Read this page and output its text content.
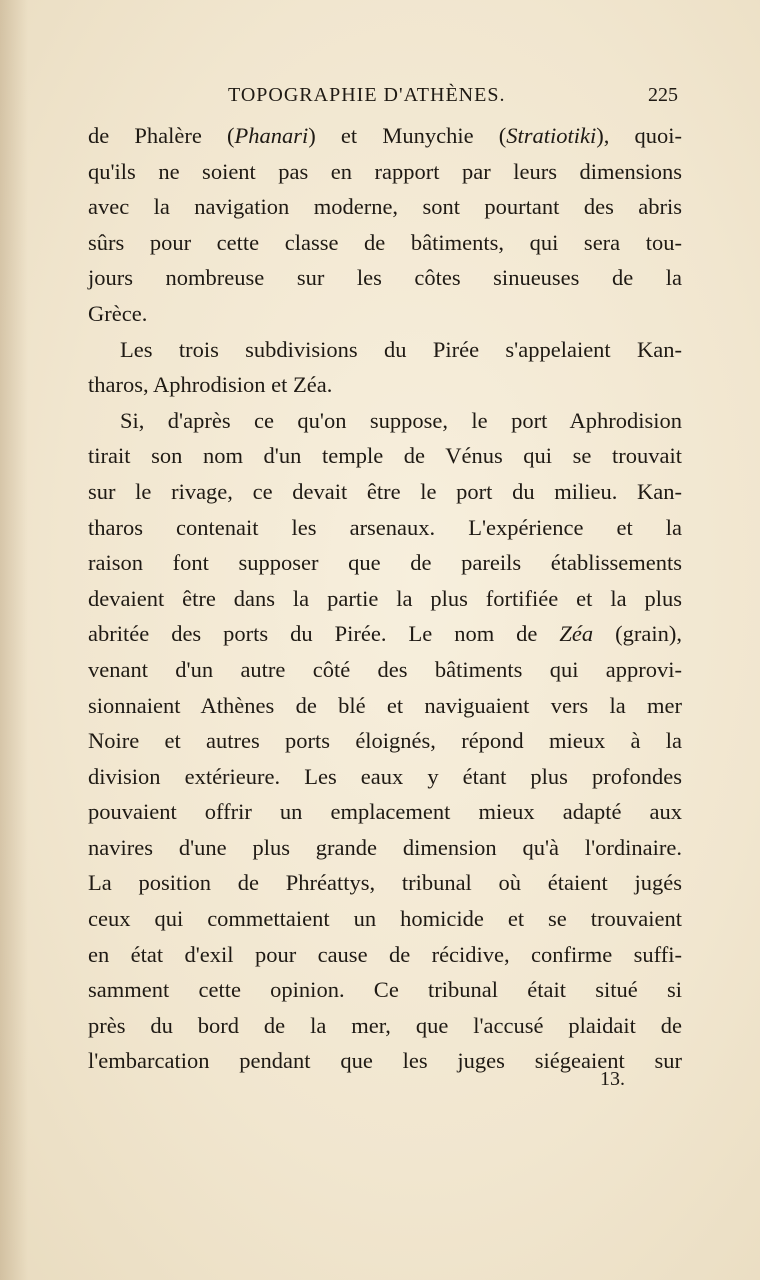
TOPOGRAPHIE D'ATHÈNES.	225
de Phalère (Phanari) et Munychie (Stratiotiki), quoi-
qu'ils ne soient pas en rapport par leurs dimensions
avec la navigation moderne, sont pourtant des abris
sûrs pour cette classe de bâtiments, qui sera tou-
jours nombreuse sur les côtes sinueuses de la
Grèce.
Les trois subdivisions du Pirée s'appelaient Kan-
tharos, Aphrodision et Zéa.
Si, d'après ce qu'on suppose, le port Aphrodision
tirait son nom d'un temple de Vénus qui se trouvait
sur le rivage, ce devait être le port du milieu. Kan-
tharos contenait les arsenaux. L'expérience et la
raison font supposer que de pareils établissements
devaient être dans la partie la plus fortifiée et la plus
abritée des ports du Pirée. Le nom de Zéa (grain),
venant d'un autre côté des bâtiments qui approvi-
sionnaient Athènes de blé et naviguaient vers la mer
Noire et autres ports éloignés, répond mieux à la
division extérieure. Les eaux y étant plus profondes
pouvaient offrir un emplacement mieux adapté aux
navires d'une plus grande dimension qu'à l'ordinaire.
La position de Phréattys, tribunal où étaient jugés
ceux qui commettaient un homicide et se trouvaient
en état d'exil pour cause de récidive, confirme suffi-
samment cette opinion. Ce tribunal était situé si
près du bord de la mer, que l'accusé plaidait de
l'embarcation pendant que les juges siégeaient sur
13.
